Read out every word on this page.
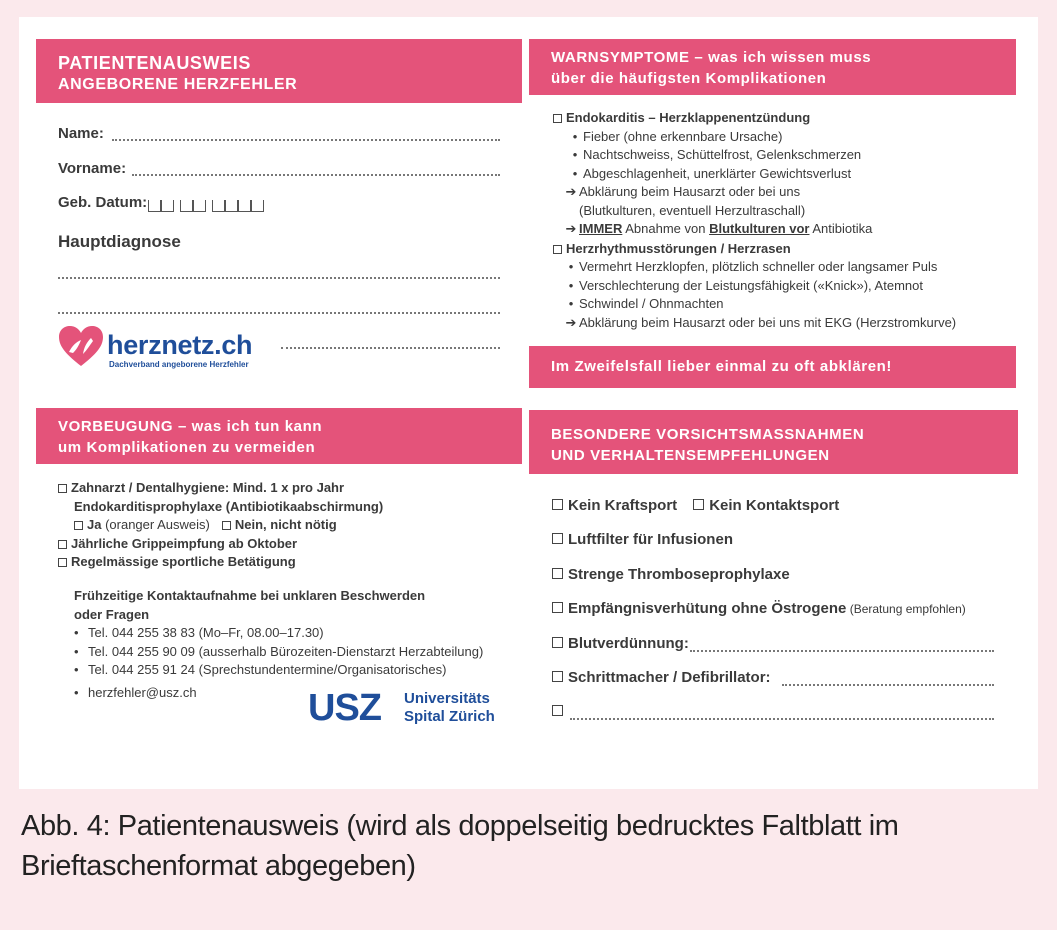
PATIENTENAUSWEIS
ANGEBORENE HERZFEHLER
Name:
Vorname:
Geb. Datum:
Hauptdiagnose
herznetz.ch
Dachverband angeborene Herzfehler
WARNSYMPTOME – was ich wissen muss
über die häufigsten Komplikationen
Endokarditis – Herzklappenentzündung
• Fieber (ohne erkennbare Ursache)
• Nachtschweiss, Schüttelfrost, Gelenkschmerzen
• Abgeschlagenheit, unerklärter Gewichtsverlust
➔ Abklärung beim Hausarzt oder bei uns
(Blutkulturen, eventuell Herzultraschall)
➔ IMMER Abnahme von Blutkulturen vor Antibiotika
Herzrhythmusstörungen / Herzrasen
• Vermehrt Herzklopfen, plötzlich schneller oder langsamer Puls
• Verschlechterung der Leistungsfähigkeit («Knick»), Atemnot
• Schwindel / Ohnmachten
➔ Abklärung beim Hausarzt oder bei uns mit EKG (Herzstromkurve)
Im Zweifelsfall lieber einmal zu oft abklären!
VORBEUGUNG – was ich tun kann
um Komplikationen zu vermeiden
Zahnarzt / Dentalhygiene: Mind. 1 x pro Jahr
Endokarditisprophylaxe (Antibiotikaabschirmung)
Ja (oranger Ausweis) Nein, nicht nötig
Jährliche Grippeimpfung ab Oktober
Regelmässige sportliche Betätigung
Frühzeitige Kontaktaufnahme bei unklaren Beschwerden
oder Fragen
• Tel. 044 255 38 83 (Mo–Fr, 08.00–17.30)
• Tel. 044 255 90 09 (ausserhalb Bürozeiten-Dienstarzt Herzabteilung)
• Tel. 044 255 91 24 (Sprechstundentermine/Organisatorisches)
• herzfehler@usz.ch	USZ Universitäts
Spital Zürich
BESONDERE VORSICHTSMASSNAHMEN
UND VERHALTENSEMPFEHLUNGEN
Kein Kraftsport Kein Kontaktsport
Luftfilter für Infusionen
Strenge Thromboseprophylaxe
Empfängnisverhütung ohne Östrogene (Beratung empfohlen)
Blutverdünnung:
Schrittmacher / Defibrillator:
Abb. 4: Patientenausweis (wird als doppelseitig bedrucktes Faltblatt im
Brieftaschenformat abgegeben)
